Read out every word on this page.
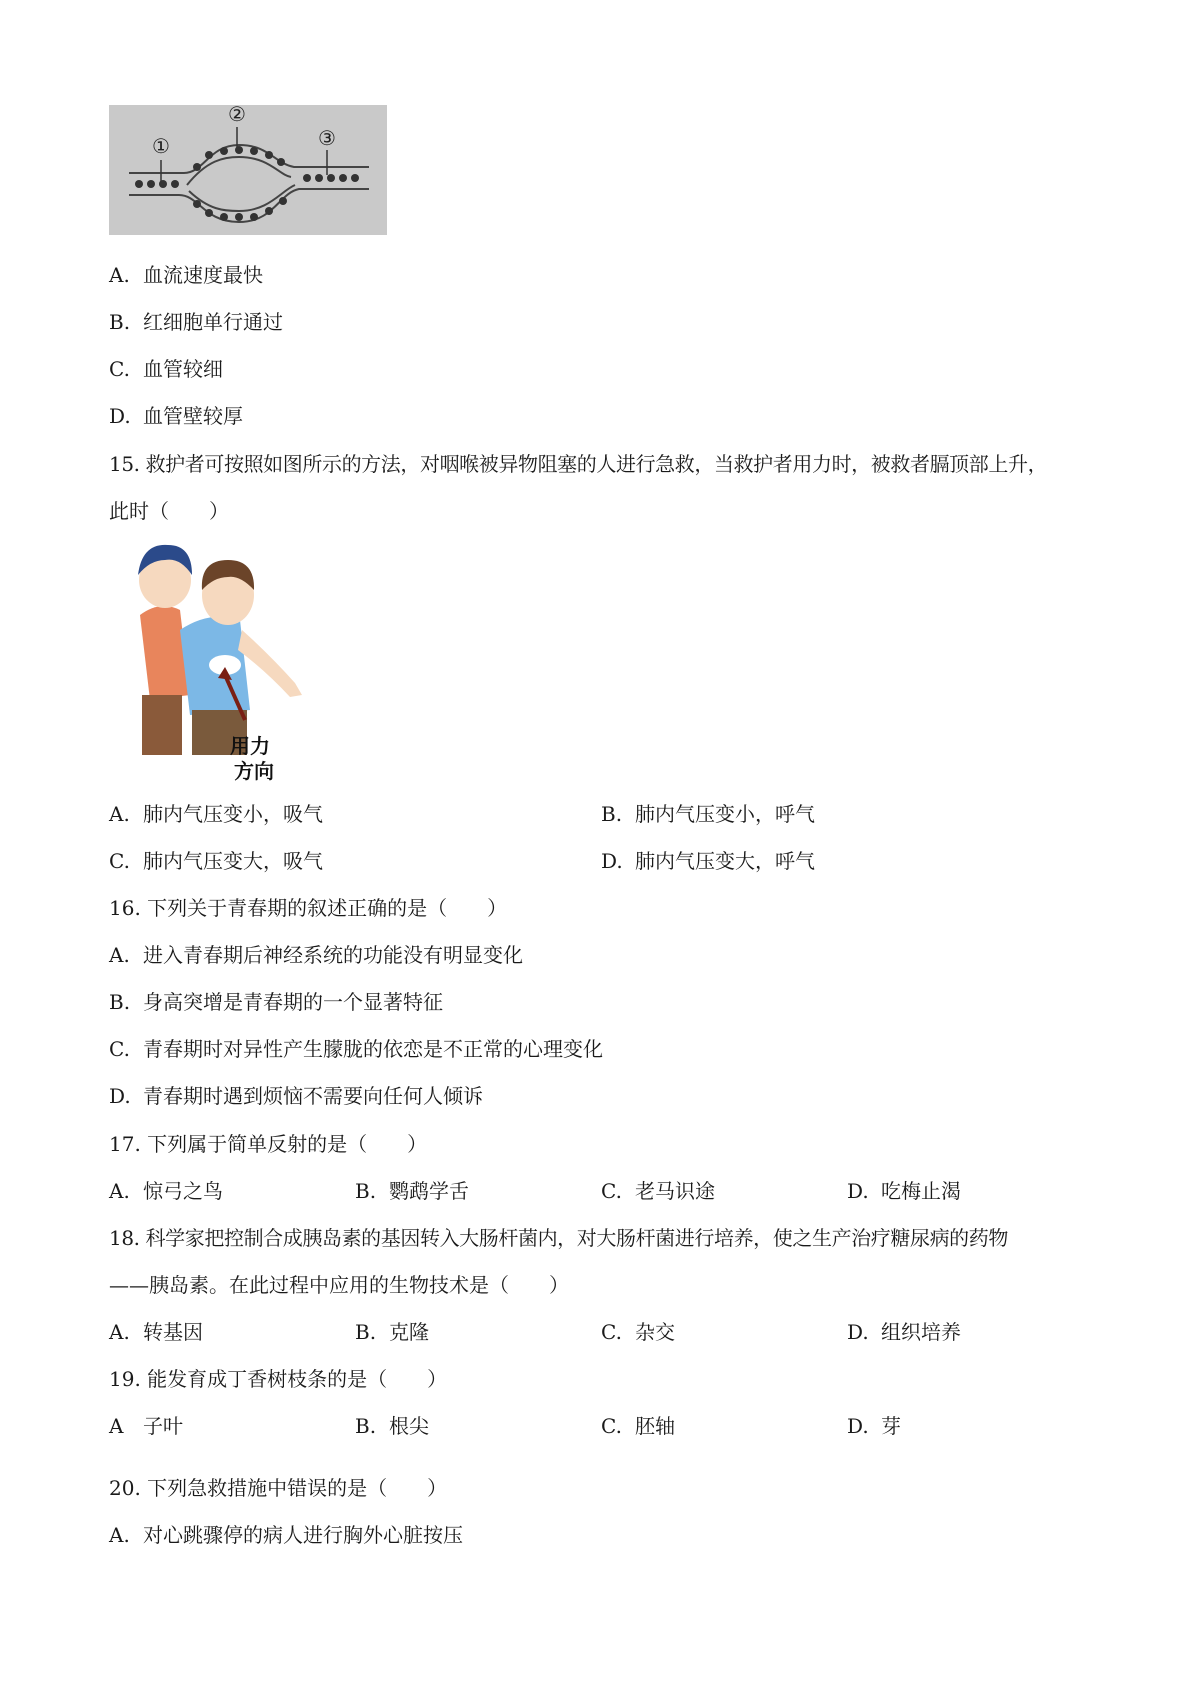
①
②
③
A. 血流速度最快
B. 红细胞单行通过
C. 血管较细
D. 血管壁较厚
15. 救护者可按照如图所示的方法，对咽喉被异物阻塞的人进行急救，当救护者用力时，被救者膈顶部上升，
此时（　　）
用力
方向
A. 肺内气压变小，吸气	B. 肺内气压变小，呼气
C. 肺内气压变大，吸气	D. 肺内气压变大，呼气
16. 下列关于青春期的叙述正确的是（　　）
A. 进入青春期后神经系统的功能没有明显变化
B. 身高突增是青春期的一个显著特征
C. 青春期时对异性产生朦胧的依恋是不正常的心理变化
D. 青春期时遇到烦恼不需要向任何人倾诉
17. 下列属于简单反射的是（　　）
A. 惊弓之鸟	B. 鹦鹉学舌	C. 老马识途	D. 吃梅止渴
18. 科学家把控制合成胰岛素的基因转入大肠杆菌内，对大肠杆菌进行培养，使之生产治疗糖尿病的药物
——胰岛素。在此过程中应用的生物技术是（　　）
A. 转基因	B. 克隆	C. 杂交	D. 组织培养
19. 能发育成丁香树枝条的是（　　）
A 子叶	B. 根尖	C. 胚轴	D. 芽
20. 下列急救措施中错误的是（　　）
A. 对心跳骤停的病人进行胸外心脏按压
